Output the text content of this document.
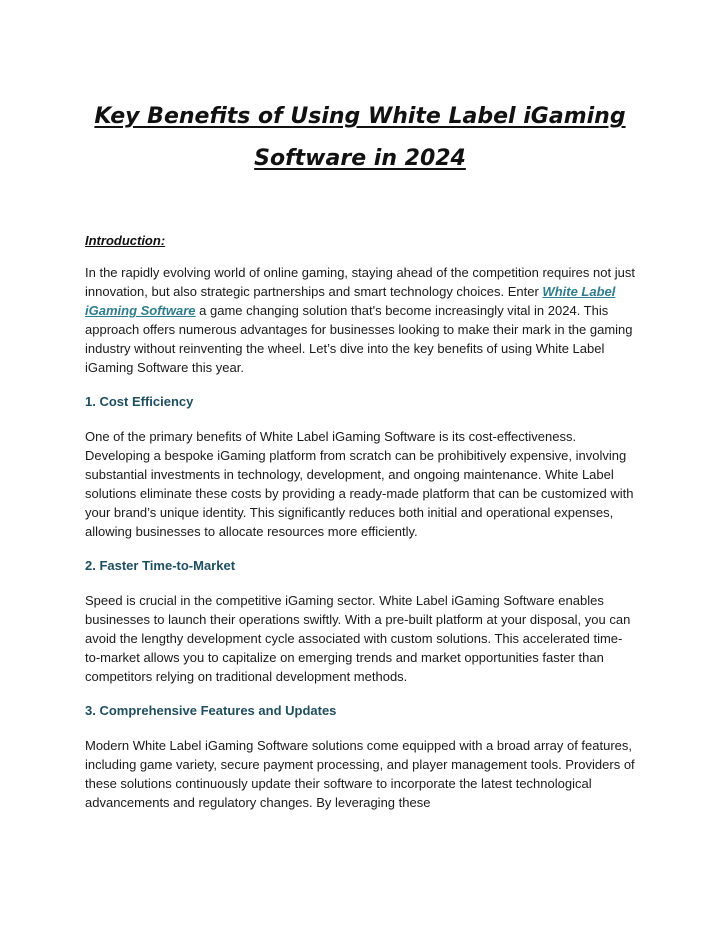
Key Benefits of Using White Label iGaming Software in 2024
Introduction:

In the rapidly evolving world of online gaming, staying ahead of the competition requires not just innovation, but also strategic partnerships and smart technology choices. Enter White Label iGaming Software a game changing solution that's become increasingly vital in 2024. This approach offers numerous advantages for businesses looking to make their mark in the gaming industry without reinventing the wheel. Let’s dive into the key benefits of using White Label iGaming Software this year.

1. Cost Efficiency

One of the primary benefits of White Label iGaming Software is its cost-effectiveness. Developing a bespoke iGaming platform from scratch can be prohibitively expensive, involving substantial investments in technology, development, and ongoing maintenance. White Label solutions eliminate these costs by providing a ready-made platform that can be customized with your brand’s unique identity. This significantly reduces both initial and operational expenses, allowing businesses to allocate resources more efficiently.

2. Faster Time-to-Market

Speed is crucial in the competitive iGaming sector. White Label iGaming Software enables businesses to launch their operations swiftly. With a pre-built platform at your disposal, you can avoid the lengthy development cycle associated with custom solutions. This accelerated time-to-market allows you to capitalize on emerging trends and market opportunities faster than competitors relying on traditional development methods.

3. Comprehensive Features and Updates

Modern White Label iGaming Software solutions come equipped with a broad array of features, including game variety, secure payment processing, and player management tools. Providers of these solutions continuously update their software to incorporate the latest technological advancements and regulatory changes. By leveraging these
